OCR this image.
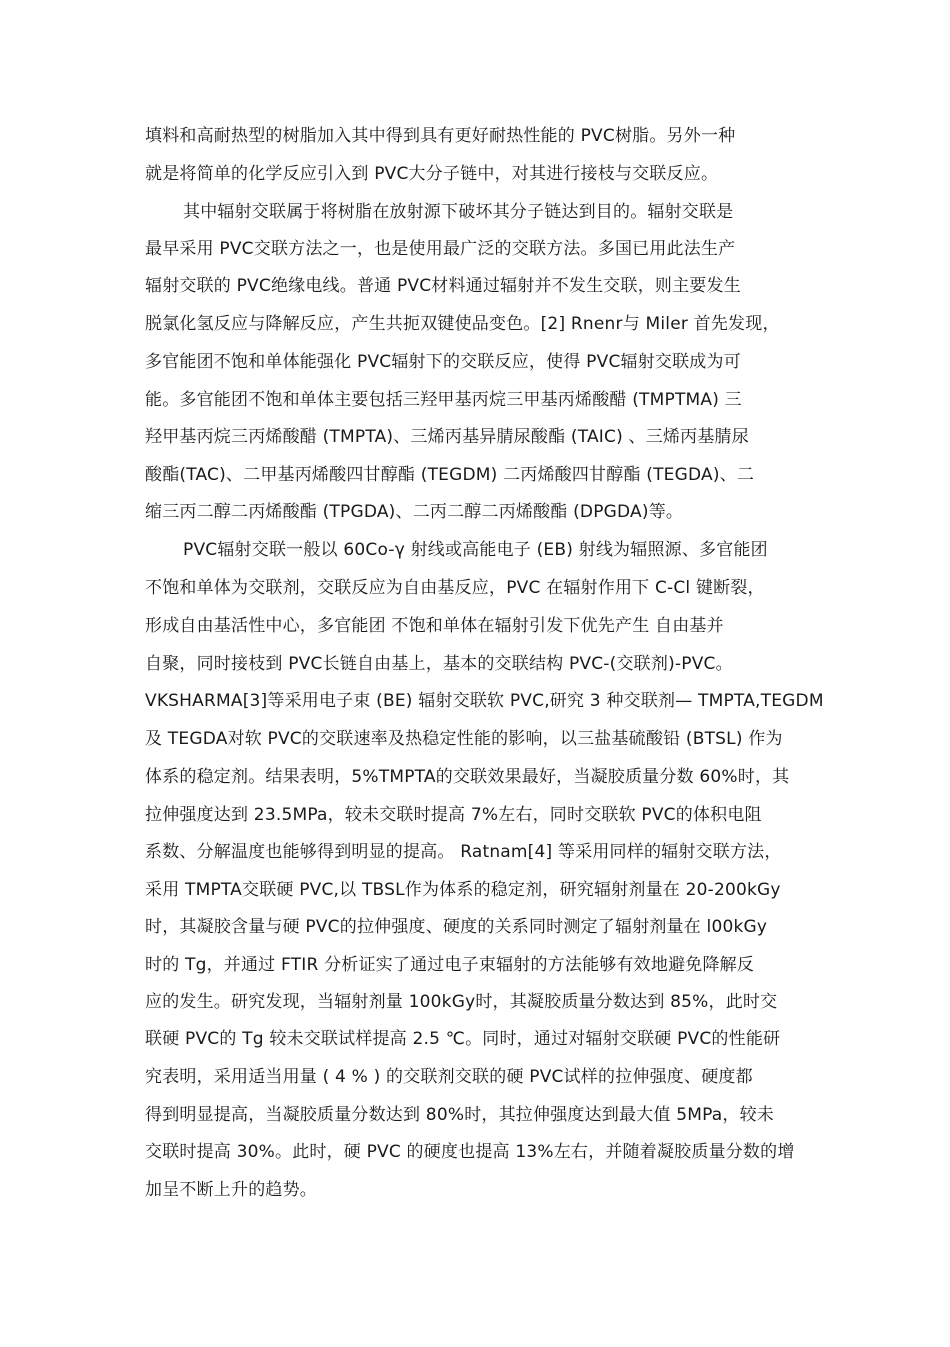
填料和高耐热型的树脂加入其中得到具有更好耐热性能的 PVC树脂。另外一种
就是将简单的化学反应引入到 PVC大分子链中，对其进行接枝与交联反应。
其中辐射交联属于将树脂在放射源下破坏其分子链达到目的。辐射交联是
最早采用 PVC交联方法之一，也是使用最广泛的交联方法。多国已用此法生产
辐射交联的 PVC绝缘电线。普通 PVC材料通过辐射并不发生交联，则主要发生
脱氯化氢反应与降解反应，产生共扼双键使品变色。[2] Rnenr与 Miler 首先发现，
多官能团不饱和单体能强化 PVC辐射下的交联反应，使得 PVC辐射交联成为可
能。多官能团不饱和单体主要包括三羟甲基丙烷三甲基丙烯酸醋 (TMPTMA) 三
羟甲基丙烷三丙烯酸醋 (TMPTA)、三烯丙基异腈尿酸酯 (TAIC) 、三烯丙基腈尿
酸酯(TAC)、二甲基丙烯酸四甘醇酯 (TEGDM) 二丙烯酸四甘醇酯 (TEGDA)、二
缩三丙二醇二丙烯酸酯 (TPGDA)、二丙二醇二丙烯酸酯 (DPGDA)等。
PVC辐射交联一般以 60Co-γ 射线或高能电子 (EB) 射线为辐照源、多官能团
不饱和单体为交联剂，交联反应为自由基反应，PVC 在辐射作用下 C-Cl 键断裂，
形成自由基活性中心，多官能团 不饱和单体在辐射引发下优先产生 自由基并
自聚，同时接枝到 PVC长链自由基上，基本的交联结构 PVC-(交联剂)-PVC。
VKSHARMA[3]等采用电子束 (BE) 辐射交联软 PVC,研究 3 种交联剂— TMPTA,TEGDM
及 TEGDA对软 PVC的交联速率及热稳定性能的影响，以三盐基硫酸铅 (BTSL) 作为
体系的稳定剂。结果表明，5%TMPTA的交联效果最好，当凝胶质量分数 60%时，其
拉伸强度达到 23.5MPa，较未交联时提高 7%左右，同时交联软 PVC的体积电阻
系数、分解温度也能够得到明显的提高。 Ratnam[4] 等采用同样的辐射交联方法，
采用 TMPTA交联硬 PVC,以 TBSL作为体系的稳定剂，研究辐射剂量在 20-200kGy
时，其凝胶含量与硬 PVC的拉伸强度、硬度的关系同时测定了辐射剂量在 l00kGy
时的 Tg，并通过 FTIR 分析证实了通过电子束辐射的方法能够有效地避免降解反
应的发生。研究发现，当辐射剂量 100kGy时，其凝胶质量分数达到 85%，此时交
联硬 PVC的 Tg 较未交联试样提高 2.5 ℃。同时，通过对辐射交联硬 PVC的性能研
究表明，采用适当用量 ( 4 % ) 的交联剂交联的硬 PVC试样的拉伸强度、硬度都
得到明显提高，当凝胶质量分数达到 80%时，其拉伸强度达到最大值 5MPa，较未
交联时提高 30%。此时，硬 PVC 的硬度也提高 13%左右，并随着凝胶质量分数的增
加呈不断上升的趋势。
